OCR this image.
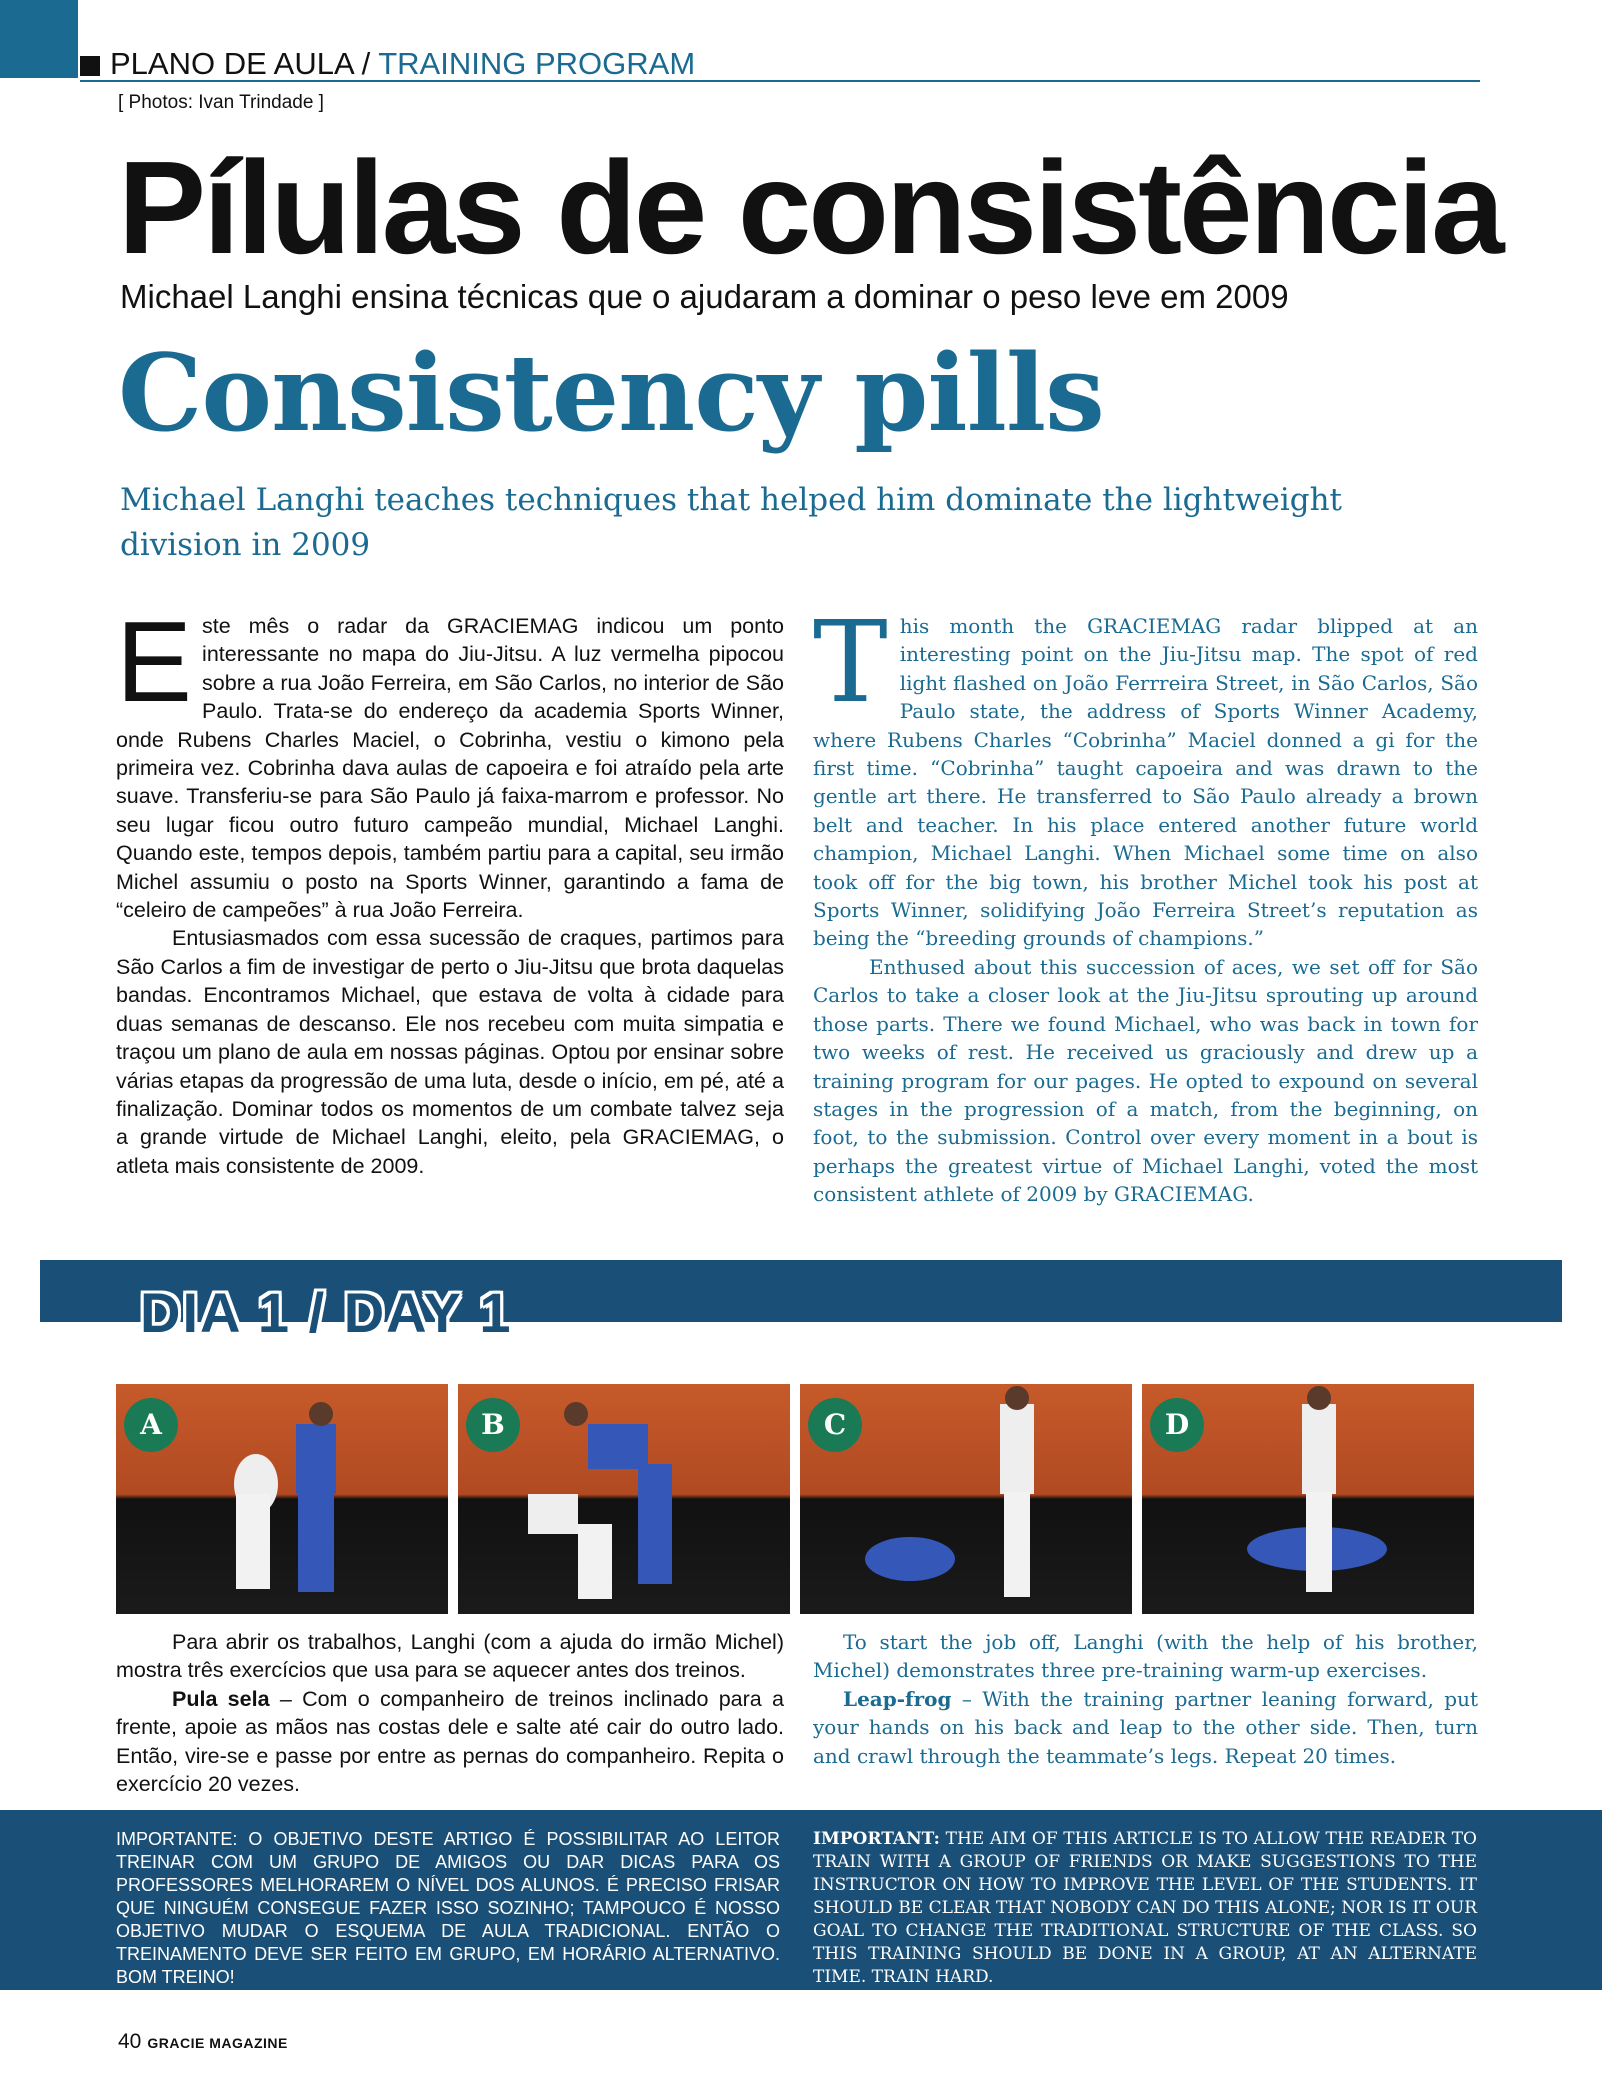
PLANO DE AULA / TRAINING PROGRAM
[ Photos: Ivan Trindade ]
Pílulas de consistência
Michael Langhi ensina técnicas que o ajudaram a dominar o peso leve em 2009
Consistency pills
Michael Langhi teaches techniques that helped him dominate the lightweight division in 2009

Este mês o radar da GRACIEMAG indicou um ponto interessante no mapa do Jiu-Jitsu. A luz vermelha pipocou sobre a rua João Ferreira, em São Carlos, no interior de São Paulo. Trata-se do endereço da academia Sports Winner, onde Rubens Charles Maciel, o Cobrinha, vestiu o kimono pela primeira vez. Cobrinha dava aulas de capoeira e foi atraído pela arte suave. Transferiu-se para São Paulo já faixa-marrom e professor. No seu lugar ficou outro futuro campeão mundial, Michael Langhi. Quando este, tempos depois, também partiu para a capital, seu irmão Michel assumiu o posto na Sports Winner, garantindo a fama de “celeiro de campeões” à rua João Ferreira.

Entusiasmados com essa sucessão de craques, partimos para São Carlos a fim de investigar de perto o Jiu-Jitsu que brota daquelas bandas. Encontramos Michael, que estava de volta à cidade para duas semanas de descanso. Ele nos recebeu com muita simpatia e traçou um plano de aula em nossas páginas. Optou por ensinar sobre várias etapas da progressão de uma luta, desde o início, em pé, até a finalização. Dominar todos os momentos de um combate talvez seja a grande virtude de Michael Langhi, eleito, pela GRACIEMAG, o atleta mais consistente de 2009.

This month the GRACIEMAG radar blipped at an interesting point on the Jiu-Jitsu map. The spot of red light flashed on João Ferrreira Street, in São Carlos, São Paulo state, the address of Sports Winner Academy, where Rubens Charles “Cobrinha” Maciel donned a gi for the first time. “Cobrinha” taught capoeira and was drawn to the gentle art there. He transferred to São Paulo already a brown belt and teacher. In his place entered another future world champion, Michael Langhi. When Michael some time on also took off for the big town, his brother Michel took his post at Sports Winner, solidifying João Ferreira Street’s reputation as being the “breeding grounds of champions.”

Enthused about this succession of aces, we set off for São Carlos to take a closer look at the Jiu-Jitsu sprouting up around those parts. There we found Michael, who was back in town for two weeks of rest. He received us graciously and drew up a training program for our pages. He opted to expound on several stages in the progression of a match, from the beginning, on foot, to the submission. Control over every moment in a bout is perhaps the greatest virtue of Michael Langhi, voted the most consistent athlete of 2009 by GRACIEMAG.

DIA 1 / DAY 1
A	B	C	D

Para abrir os trabalhos, Langhi (com a ajuda do irmão Michel) mostra três exercícios que usa para se aquecer antes dos treinos.

Pula sela – Com o companheiro de treinos inclinado para a frente, apoie as mãos nas costas dele e salte até cair do outro lado. Então, vire-se e passe por entre as pernas do companheiro. Repita o exercício 20 vezes.

To start the job off, Langhi (with the help of his brother, Michel) demonstrates three pre-training warm-up exercises.

Leap-frog – With the training partner leaning forward, put your hands on his back and leap to the other side. Then, turn and crawl through the teammate’s legs. Repeat 20 times.

IMPORTANTE: O OBJETIVO DESTE ARTIGO É POSSIBILITAR AO LEITOR TREINAR COM UM GRUPO DE AMIGOS OU DAR DICAS PARA OS PROFESSORES MELHORAREM O NÍVEL DOS ALUNOS. É PRECISO FRISAR QUE NINGUÉM CONSEGUE FAZER ISSO SOZINHO; TAMPOUCO É NOSSO OBJETIVO MUDAR O ESQUEMA DE AULA TRADICIONAL. ENTÃO O TREINAMENTO DEVE SER FEITO EM GRUPO, EM HORÁRIO ALTERNATIVO. BOM TREINO!

IMPORTANT: THE AIM OF THIS ARTICLE IS TO ALLOW THE READER TO TRAIN WITH A GROUP OF FRIENDS OR MAKE SUGGESTIONS TO THE INSTRUCTOR ON HOW TO IMPROVE THE LEVEL OF THE STUDENTS. IT SHOULD BE CLEAR THAT NOBODY CAN DO THIS ALONE; NOR IS IT OUR GOAL TO CHANGE THE TRADITIONAL STRUCTURE OF THE CLASS. SO THIS TRAINING SHOULD BE DONE IN A GROUP, AT AN ALTERNATE TIME. TRAIN HARD.

40 GRACIE MAGAZINE
